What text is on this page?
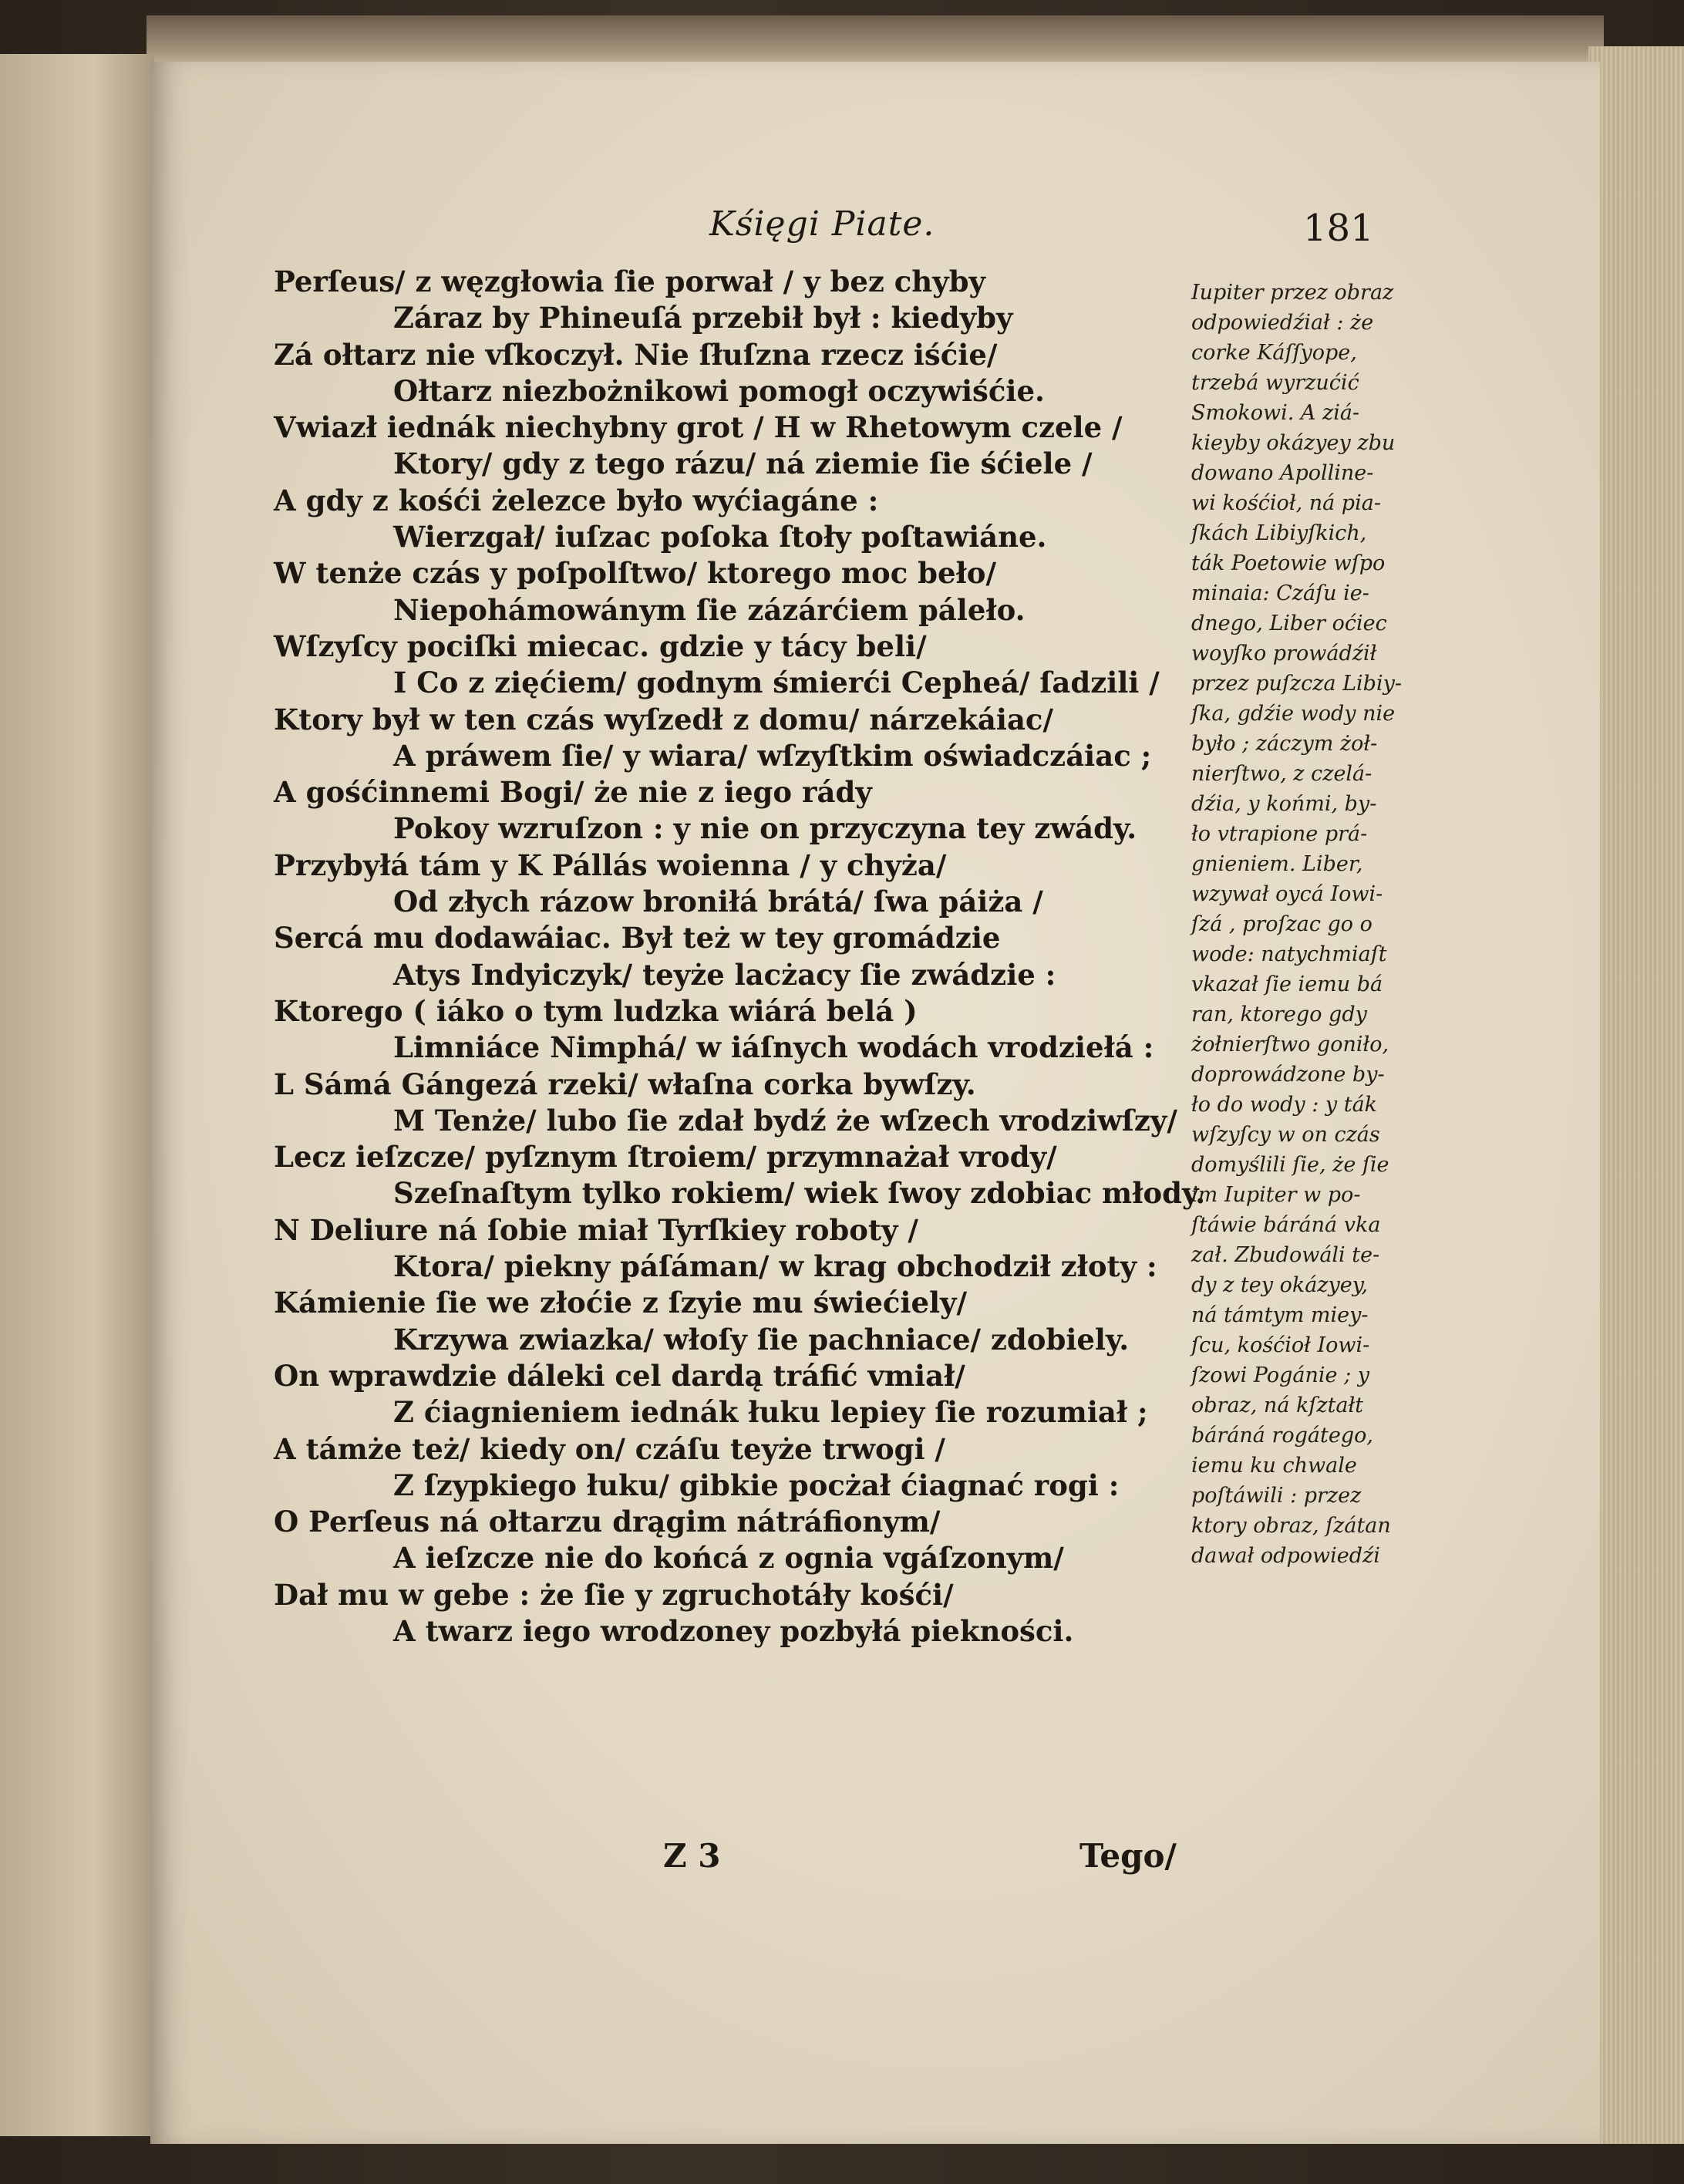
Kśięgi Piate.	181
Perſeus/ z węzgłowia ſie porwał / y bez chyby
Záraz by Phineuſá przebił był : kiedyby
Zá ołtarz nie vſkoczył. Nie ſłuſzna rzecz iśćie/
Ołtarz niezbożnikowi pomogł oczywiśćie.
Vwiazł iednák niechybny grot / H w Rhetowym czele /
Ktory/ gdy z tego rázu/ ná ziemie ſie śćiele /
A gdy z kośći żelezce było wyćiagáne :
Wierzgał/ iuſzac poſoka ſtoły poſtawiáne.
W tenże czás y poſpolſtwo/ ktorego moc beło/
Niepohámowánym ſie zázárćiem páleło.
Wſzyſcy pociſki miecac. gdzie y tácy beli/
I Co z zięćiem/ godnym śmierći Cepheá/ ſadzili /
Ktory był w ten czás wyſzedł z domu/ nárzekáiac/
A práwem ſie/ y wiara/ wſzyſtkim oświadczáiac ;
A gośćinnemi Bogi/ że nie z iego rády
Pokoy wzruſzon : y nie on przyczyna tey zwády.
Przybyłá tám y K Pállás woienna / y chyża/
Od złych rázow broniłá brátá/ ſwa páiża /
Sercá mu dodawáiac. Był też w tey gromádzie
Atys Indyiczyk/ teyże lacżacy ſie zwádzie :
Ktorego ( iáko o tym ludzka wiárá belá )
Limniáce Nimphá/ w iáſnych wodách vrodziełá :
L Sámá Gángezá rzeki/ właſna corka bywſzy.
M Tenże/ lubo ſie zdał bydź że wſzech vrodziwſzy/
Lecz ieſzcze/ pyſznym ſtroiem/ przymnażał vrody/
Szeſnaſtym tylko rokiem/ wiek ſwoy zdobiac młody.
N Deliure ná ſobie miał Tyrſkiey roboty /
Ktora/ piekny páſáman/ w krag obchodził złoty :
Kámienie ſie we złoćie z ſzyie mu świećiely/
Krzywa zwiazka/ włoſy ſie pachniace/ zdobiely.
On wprawdzie dáleki cel dardą tráfić vmiał/
Z ćiagnieniem iednák łuku lepiey ſie rozumiał ;
A támże też/ kiedy on/ czáſu teyże trwogi /
Z ſzypkiego łuku/ gibkie pocżał ćiagnać rogi :
O Perſeus ná ołtarzu drągim nátráfionym/
A ieſzcze nie do końcá z ognia vgáſzonym/
Dał mu w gebe : że ſie y zgruchotáły kośći/
A twarz iego wrodzoney pozbyłá piekności.
Iupiter przez obraz
odpowiedźiał : że
corke Káſſyope,
trzebá wyrzućić
Smokowi. A ziá-
kieyby okázyey zbu
dowano Apolline-
wi kośćioł, ná pia-
ſkách Libiyſkich,
ták Poetowie wſpo
minaia: Czáſu ie-
dnego, Liber oćiec
woyſko prowádźił
przez puſzcza Libiy-
ſka, gdźie wody nie
było ; záczym żoł-
nierſtwo, z czelá-
dźia, y końmi, by-
ło vtrapione prá-
gnieniem. Liber,
wzywał oycá Iowi-
ſzá , proſzac go o
wode: natychmiaſt
vkazał ſie iemu bá
ran, ktorego gdy
żołnierſtwo goniło,
doprowádzone by-
ło do wody : y ták
wſzyſcy w on czás
domyślili ſie, że ſie
im Iupiter w po-
ſtáwie báráná vka
zał. Zbudowáli te-
dy z tey okázyey,
ná támtym miey-
ſcu, kośćioł Iowi-
ſzowi Pogánie ; y
obraz, ná kſztałt
báráná rogátego,
iemu ku chwale
poſtáwili : przez
ktory obraz, ſzátan
dawał odpowiedźi
Z 3	Tego/
